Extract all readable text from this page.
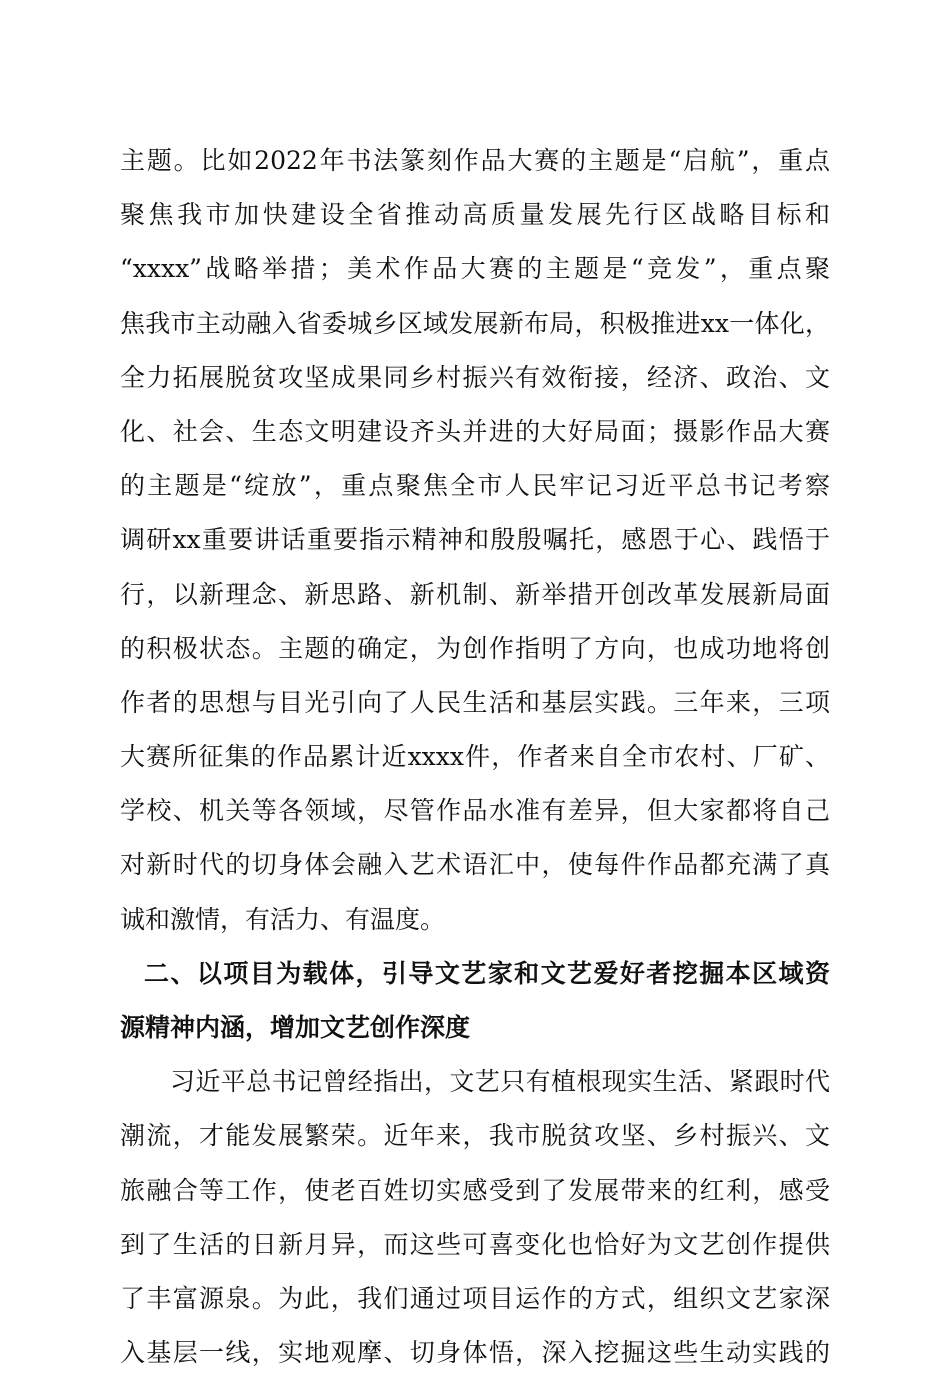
主题。比如2022年书法篆刻作品大赛的主题是“启航”，重点
聚焦我市加快建设全省推动高质量发展先行区战略目标和
“xxxx”战略举措；美术作品大赛的主题是“竞发”，重点聚
焦我市主动融入省委城乡区域发展新布局，积极推进xx一体化，
全力拓展脱贫攻坚成果同乡村振兴有效衔接，经济、政治、文
化、社会、生态文明建设齐头并进的大好局面；摄影作品大赛
的主题是“绽放”，重点聚焦全市人民牢记习近平总书记考察
调研xx重要讲话重要指示精神和殷殷嘱托，感恩于心、践悟于
行，以新理念、新思路、新机制、新举措开创改革发展新局面
的积极状态。主题的确定，为创作指明了方向，也成功地将创
作者的思想与目光引向了人民生活和基层实践。三年来，三项
大赛所征集的作品累计近xxxx件，作者来自全市农村、厂矿、
学校、机关等各领域，尽管作品水准有差异，但大家都将自己
对新时代的切身体会融入艺术语汇中，使每件作品都充满了真
诚和激情，有活力、有温度。
二、以项目为载体，引导文艺家和文艺爱好者挖掘本区域资
源精神内涵，增加文艺创作深度
习近平总书记曾经指出，文艺只有植根现实生活、紧跟时代
潮流，才能发展繁荣。近年来，我市脱贫攻坚、乡村振兴、文
旅融合等工作，使老百姓切实感受到了发展带来的红利，感受
到了生活的日新月异，而这些可喜变化也恰好为文艺创作提供
了丰富源泉。为此，我们通过项目运作的方式，组织文艺家深
入基层一线，实地观摩、切身体悟，深入挖掘这些生动实践的
